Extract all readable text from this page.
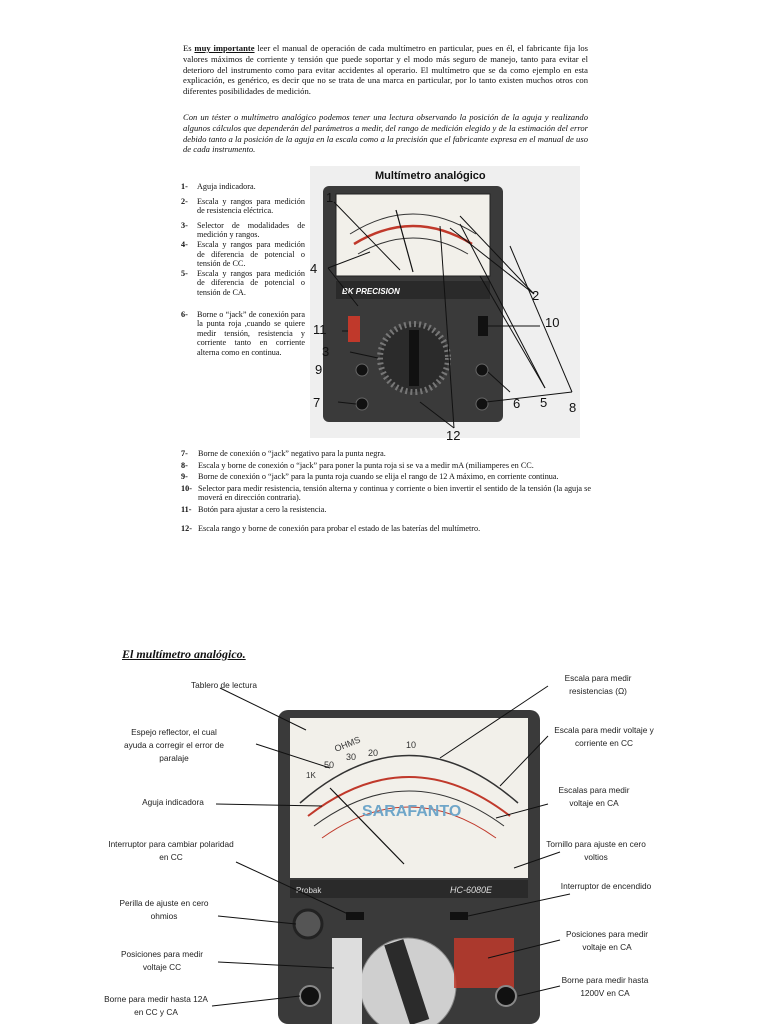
Es muy importante leer el manual de operación de cada multímetro en particular, pues en él, el fabricante fija los valores máximos de corriente y tensión que puede soportar y el modo más seguro de manejo, tanto para evitar el deterioro del instrumento como para evitar accidentes al operario. El multímetro que se da como ejemplo en esta explicación, es genérico, es decir que no se trata de una marca en particular, por lo tanto existen muchos otros con diferentes posibilidades de medición.

Con un téster o multímetro analógico podemos tener una lectura observando la posición de la aguja y realizando algunos cálculos que dependerán del parámetros a medir, del rango de medición elegido y de la estimación del error debido tanto a la posición de la aguja en la escala como a la precisión que el fabricante expresa en el manual de uso de cada instrumento.

1-	Aguja indicadora.
2-	Escala y rangos para medición de resistencia eléctrica.
3-	Selector de modalidades de medición y rangos.
4-	Escala y rangos para medición de diferencia de potencial o tensión de CC.
5-	Escala y rangos para medición de diferencia de potencial o tensión de CA.
6-	Borne o “jack” de conexión para la punta roja ,cuando se quiere medir tensión, resistencia y corriente tanto en corriente alterna como en continua.
Multímetro analógico
BK PRECISION
1
2
3
4
5
6
7	8
9
10
11
12
7-	Borne de conexión o “jack” negativo para la punta negra.
8-	Escala y borne de conexión o “jack” para poner la punta roja si se va a medir mA (miliamperes en CC.
9-	Borne de conexión o “jack” para la punta roja cuando se elija el rango de 12 A máximo, en corriente continua.
10- Selector para medir resistencia, tensión alterna y continua y corriente o bien invertir el sentido de la tensión (la aguja se moverá en dirección contraria).
11- Botón para ajustar a cero la resistencia.
12- Escala rango y borne de conexión para probar el estado de las baterías del multímetro.
El multímetro analógico.
OHMS	10
20
50
30
1K
SARAFANTO
Probak	HC-6080E
Tablero de lectura
Espejo reflector, el cual ayuda a corregir el error de paralaje
Aguja indicadora
Interruptor para cambiar polaridad en CC
Perilla de ajuste en cero ohmios
Posiciones para medir voltaje CC
Borne para medir hasta 12A en CC y CA
Escala para medir resistencias (Ω)
Escala para medir voltaje y corriente en CC
Escalas para medir voltaje en CA
Tornillo para ajuste en cero voltios
Interruptor de encendido
Posiciones para medir voltaje en CA
Borne para medir hasta 1200V en CA
